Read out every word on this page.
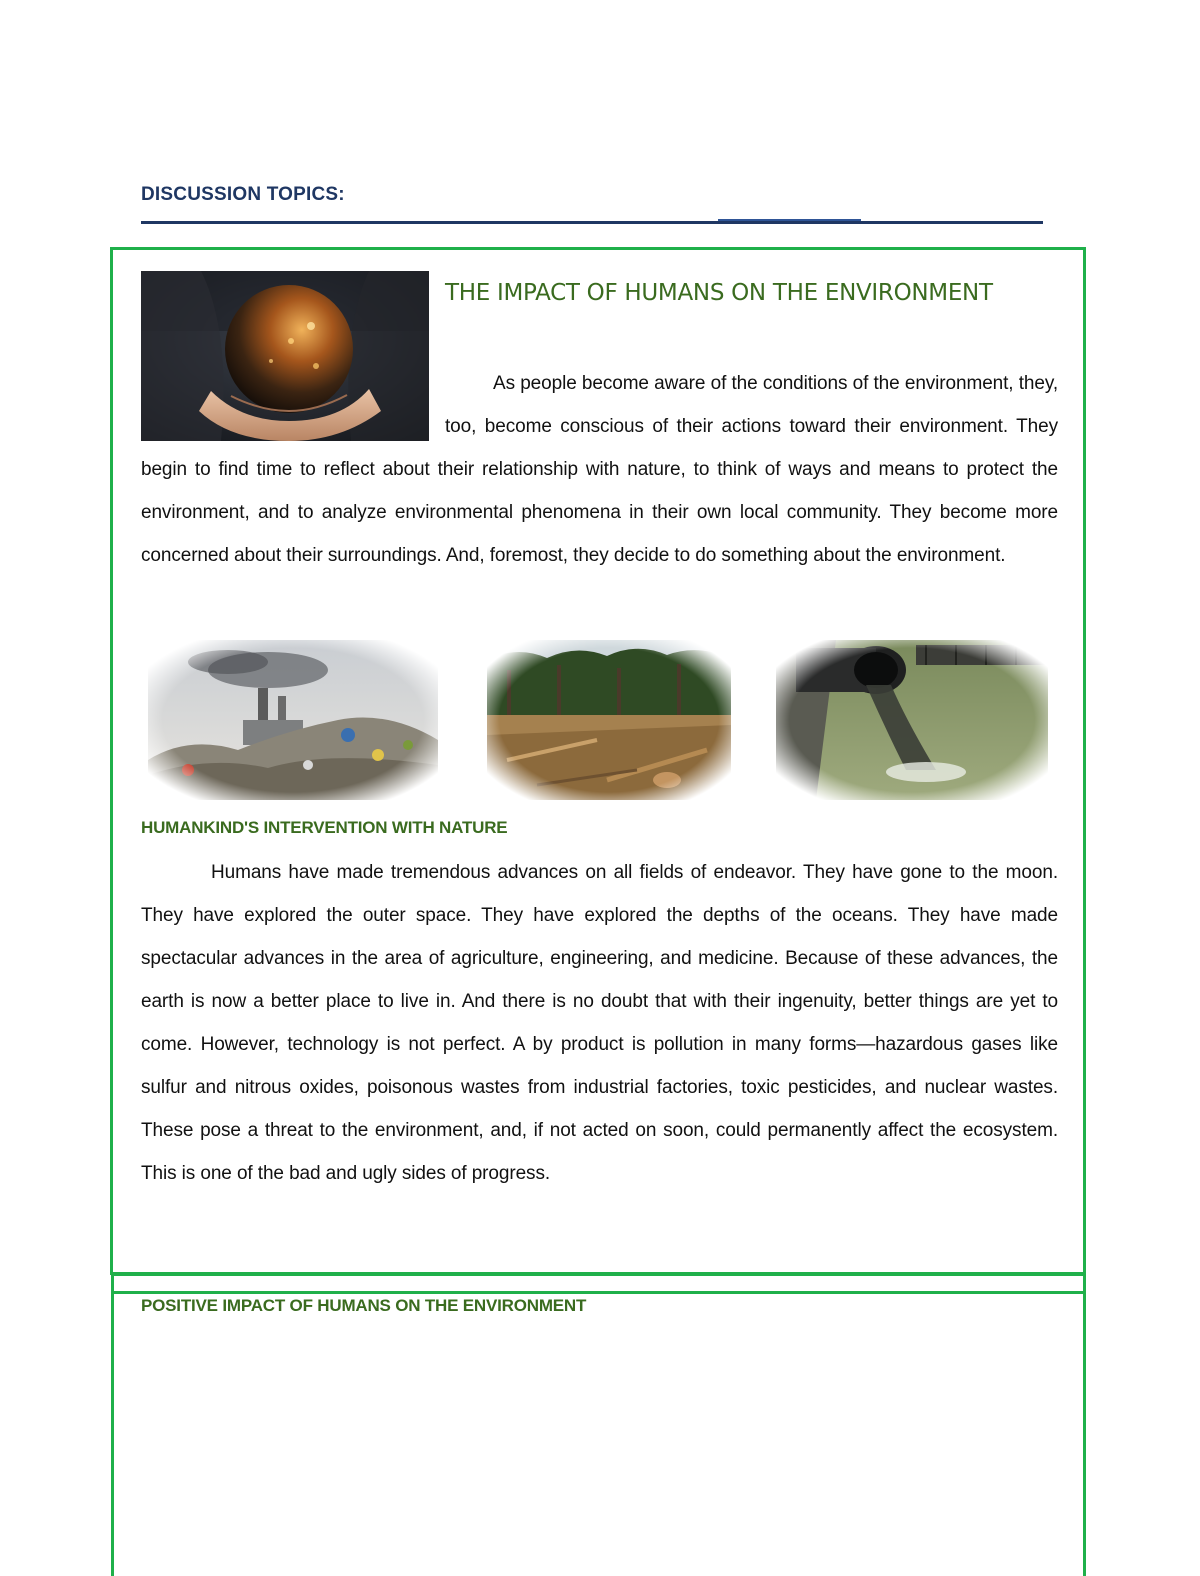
DISCUSSION TOPICS:
THE IMPACT OF HUMANS ON THE ENVIRONMENT
As people become aware of the conditions of the environment, they, too, become conscious of their actions toward their environment. They begin to find time to reflect about their relationship with nature, to think of ways and means to protect the environment, and to analyze environmental phenomena in their own local community. They become more concerned about their surroundings. And, foremost, they decide to do something about the environment.
HUMANKIND'S INTERVENTION WITH NATURE
Humans have made tremendous advances on all fields of endeavor. They have gone to the moon. They have explored the outer space. They have explored the depths of the oceans. They have made spectacular advances in the area of agriculture, engineering, and medicine. Because of these advances, the earth is now a better place to live in. And there is no doubt that with their ingenuity, better things are yet to come. However, technology is not perfect. A by product is pollution in many forms—hazardous gases like sulfur and nitrous oxides, poisonous wastes from industrial factories, toxic pesticides, and nuclear wastes. These pose a threat to the environment, and, if not acted on soon, could permanently affect the ecosystem. This is one of the bad and ugly sides of progress.
POSITIVE IMPACT OF HUMANS ON THE ENVIRONMENT
